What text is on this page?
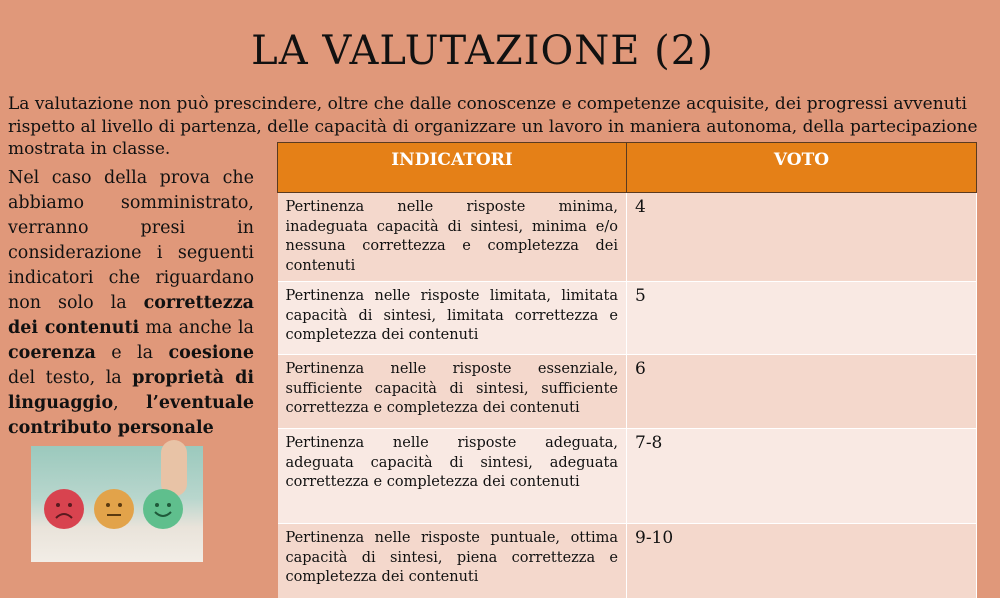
LA VALUTAZIONE (2)
La valutazione non può prescindere, oltre che dalle conoscenze e competenze acquisite, dei progressi avvenuti rispetto al livello di partenza, delle capacità di organizzare un lavoro in maniera autonoma, della partecipazione mostrata in classe.
Nel caso della prova che abbiamo somministrato, verranno presi in considerazione i seguenti indicatori che riguardano non solo la correttezza dei contenuti ma anche la coerenza e la coesione del testo, la proprietà di linguaggio, l’eventuale contributo personale
INDICATORI	VOTO
Pertinenza nelle risposte minima, inadeguata capacità di sintesi, minima e/o nessuna correttezza e completezza dei contenuti	4
Pertinenza nelle risposte limitata, limitata capacità di sintesi, limitata correttezza e completezza dei contenuti	5
Pertinenza nelle risposte essenziale, sufficiente capacità di sintesi, sufficiente correttezza e completezza dei contenuti	6
Pertinenza nelle risposte adeguata, adeguata capacità di sintesi, adeguata correttezza e completezza dei contenuti	7-8
Pertinenza nelle risposte puntuale, ottima capacità di sintesi, piena correttezza e completezza dei contenuti	9-10
